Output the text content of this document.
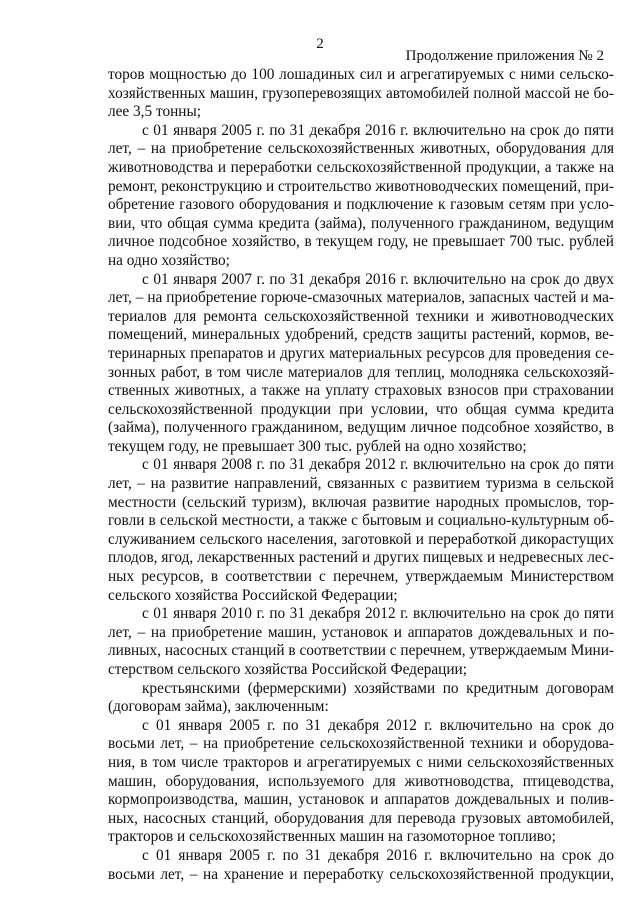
2
Продолжение приложения № 2

торов мощностью до 100 лошадиных сил и агрегатируемых с ними сельско-

хозяйственных машин, грузоперевозящих автомобилей полной массой не бо-

лее 3,5 тонны;

с 01 января 2005 г. по 31 декабря 2016 г. включительно на срок до пяти

лет, – на приобретение сельскохозяйственных животных, оборудования для

животноводства и переработки сельскохозяйственной продукции, а также на

ремонт, реконструкцию и строительство животноводческих помещений, при-

обретение газового оборудования и подключение к газовым сетям при усло-

вии, что общая сумма кредита (займа), полученного гражданином, ведущим

личное подсобное хозяйство, в текущем году, не превышает 700 тыс. рублей

на одно хозяйство;

с 01 января 2007 г. по 31 декабря 2016 г. включительно на срок до двух

лет, – на приобретение горюче-смазочных материалов, запасных частей и ма-

териалов для ремонта сельскохозяйственной техники и животноводческих

помещений, минеральных удобрений, средств защиты растений, кормов, ве-

теринарных препаратов и других материальных ресурсов для проведения се-

зонных работ, в том числе материалов для теплиц, молодняка сельскохозяй-

ственных животных, а также на уплату страховых взносов при страховании

сельскохозяйственной продукции при условии, что общая сумма кредита

(займа), полученного гражданином, ведущим личное подсобное хозяйство, в

текущем году, не превышает 300 тыс. рублей на одно хозяйство;

с 01 января 2008 г. по 31 декабря 2012 г. включительно на срок до пяти

лет, – на развитие направлений, связанных с развитием туризма в сельской

местности (сельский туризм), включая развитие народных промыслов, тор-

говли в сельской местности, а также с бытовым и социально-культурным об-

служиванием сельского населения, заготовкой и переработкой дикорастущих

плодов, ягод, лекарственных растений и других пищевых и недревесных лес-

ных ресурсов, в соответствии с перечнем, утверждаемым Министерством

сельского хозяйства Российской Федерации;

с 01 января 2010 г. по 31 декабря 2012 г. включительно на срок до пяти

лет, – на приобретение машин, установок и аппаратов дождевальных и по-

ливных, насосных станций в соответствии с перечнем, утверждаемым Мини-

стерством сельского хозяйства Российской Федерации;

крестьянскими (фермерскими) хозяйствами по кредитным договорам

(договорам займа), заключенным:

с 01 января 2005 г. по 31 декабря 2012 г. включительно на срок до

восьми лет, – на приобретение сельскохозяйственной техники и оборудова-

ния, в том числе тракторов и агрегатируемых с ними сельскохозяйственных

машин, оборудования, используемого для животноводства, птицеводства,

кормопроизводства, машин, установок и аппаратов дождевальных и полив-

ных, насосных станций, оборудования для перевода грузовых автомобилей,

тракторов и сельскохозяйственных машин на газомоторное топливо;

с 01 января 2005 г. по 31 декабря 2016 г. включительно на срок до

восьми лет, – на хранение и переработку сельскохозяйственной продукции,
